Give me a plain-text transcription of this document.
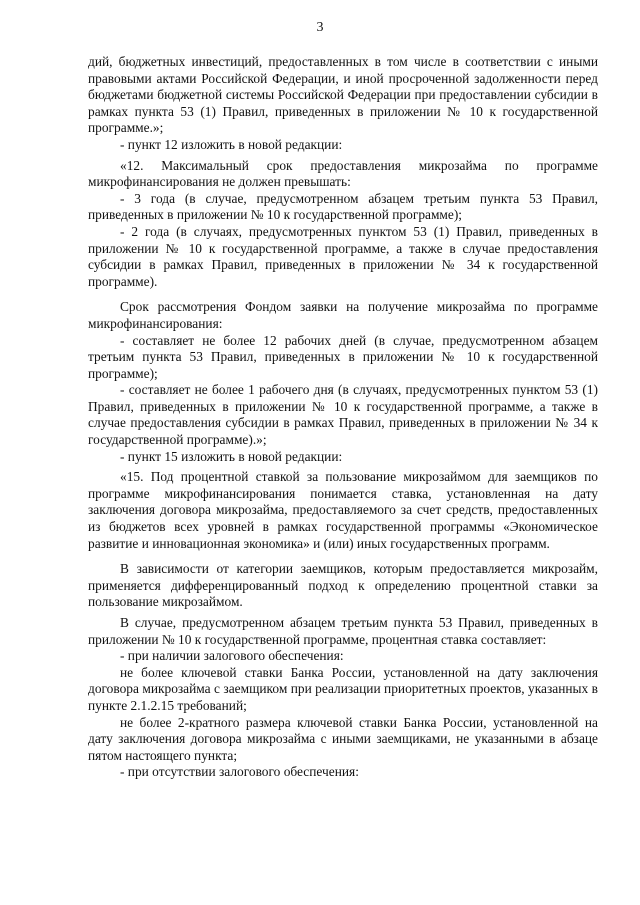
3

дий, бюджетных инвестиций, предоставленных в том числе в соответствии с иными правовыми актами Российской Федерации, и иной просроченной задолженности перед бюджетами бюджетной системы Российской Федерации при предоставлении субсидии в рамках пункта 53 (1) Правил, приведенных в приложении № 10 к государственной программе.»;

- пункт 12 изложить в новой редакции:

«12. Максимальный срок предоставления микрозайма по программе микрофинансирования не должен превышать:

- 3 года (в случае, предусмотренном абзацем третьим пункта 53 Правил, приведенных в приложении № 10 к государственной программе);

- 2 года (в случаях, предусмотренных пунктом 53 (1) Правил, приведенных в приложении № 10 к государственной программе, а также в случае предоставления субсидии в рамках Правил, приведенных в приложении № 34 к государственной программе).

Срок рассмотрения Фондом заявки на получение микрозайма по программе микрофинансирования:

- составляет не более 12 рабочих дней (в случае, предусмотренном абзацем третьим пункта 53 Правил, приведенных в приложении № 10 к государственной программе);

- составляет не более 1 рабочего дня (в случаях, предусмотренных пунктом 53 (1) Правил, приведенных в приложении № 10 к государственной программе, а также в случае предоставления субсидии в рамках Правил, приведенных в приложении № 34 к государственной программе).»;

- пункт 15 изложить в новой редакции:

«15. Под процентной ставкой за пользование микрозаймом для заемщиков по программе микрофинансирования понимается ставка, установленная на дату заключения договора микрозайма, предоставляемого за счет средств, предоставленных из бюджетов всех уровней в рамках государственной программы «Экономическое развитие и инновационная экономика» и (или) иных государственных программ.

В зависимости от категории заемщиков, которым предоставляется микрозайм, применяется дифференцированный подход к определению процентной ставки за пользование микрозаймом.

В случае, предусмотренном абзацем третьим пункта 53 Правил, приведенных в приложении № 10 к государственной программе, процентная ставка составляет:

- при наличии залогового обеспечения:

не более ключевой ставки Банка России, установленной на дату заключения договора микрозайма с заемщиком при реализации приоритетных проектов, указанных в пункте 2.1.2.15 требований;

не более 2-кратного размера ключевой ставки Банка России, установленной на дату заключения договора микрозайма с иными заемщиками, не указанными в абзаце пятом настоящего пункта;

- при отсутствии залогового обеспечения:
